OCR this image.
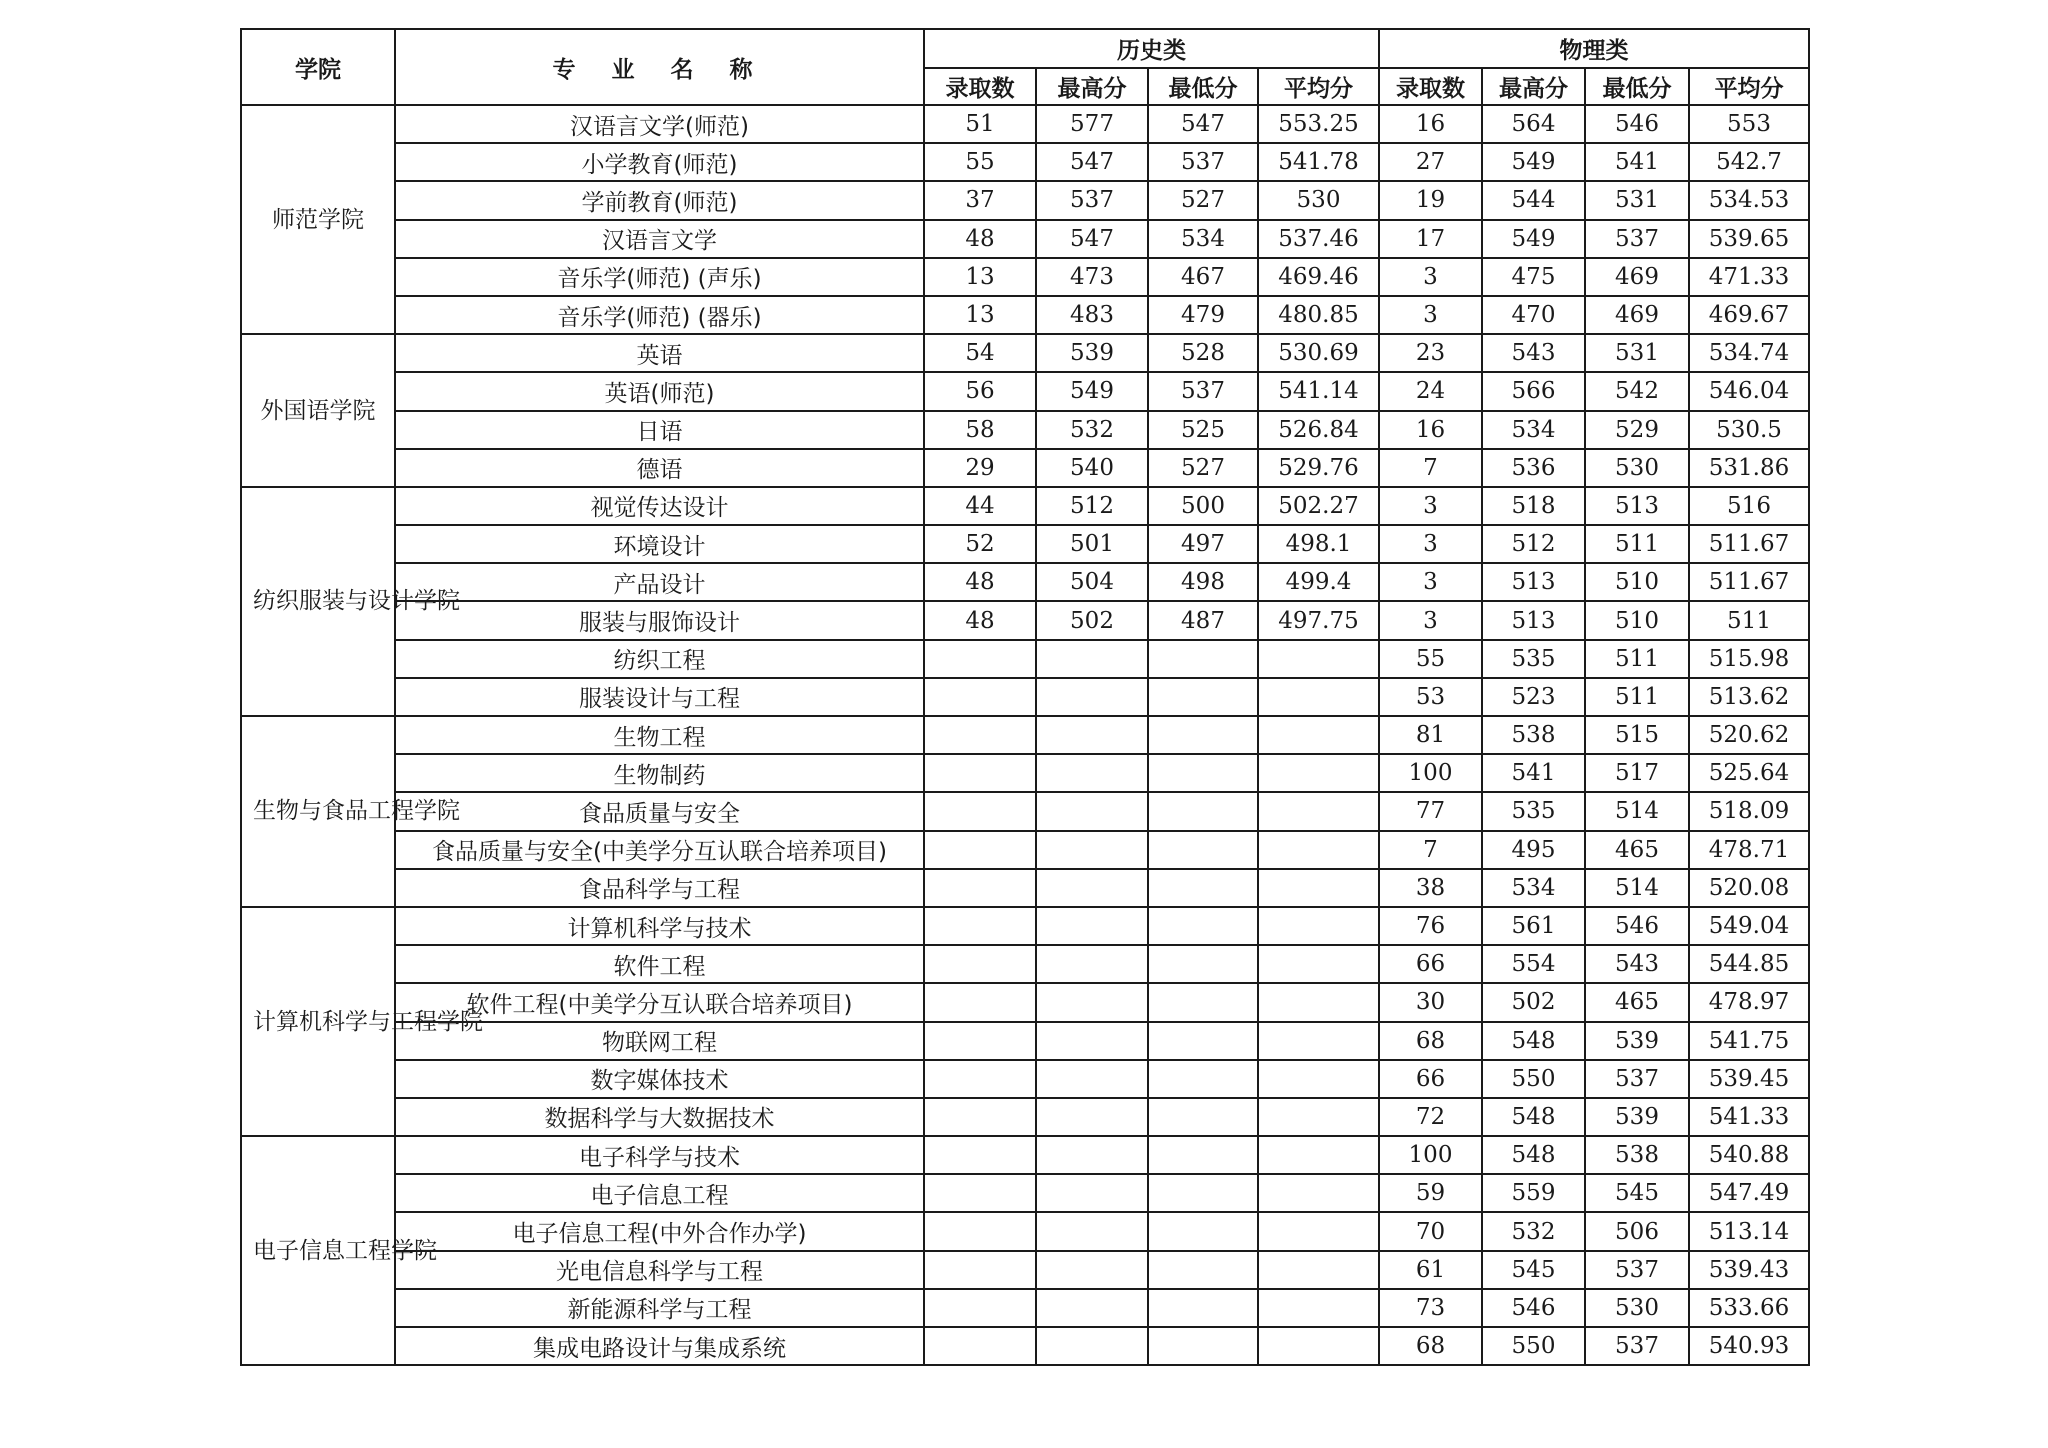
学院	专 业 名 称	历史类				物理类			
		录取数	最高分	最低分	平均分	录取数	最高分	最低分	平均分
师范学院	汉语言文学(师范)	51	577	547	553.25	16	564	546	553
	小学教育(师范)	55	547	537	541.78	27	549	541	542.7
	学前教育(师范)	37	537	527	530	19	544	531	534.53
	汉语言文学	48	547	534	537.46	17	549	537	539.65
	音乐学(师范) (声乐)	13	473	467	469.46	3	475	469	471.33
	音乐学(师范) (器乐)	13	483	479	480.85	3	470	469	469.67
外国语学院	英语	54	539	528	530.69	23	543	531	534.74
	英语(师范)	56	549	537	541.14	24	566	542	546.04
	日语	58	532	525	526.84	16	534	529	530.5
	德语	29	540	527	529.76	7	536	530	531.86
纺织服装与设计学院	视觉传达设计	44	512	500	502.27	3	518	513	516
	环境设计	52	501	497	498.1	3	512	511	511.67
	产品设计	48	504	498	499.4	3	513	510	511.67
	服装与服饰设计	48	502	487	497.75	3	513	510	511
	纺织工程					55	535	511	515.98
	服装设计与工程					53	523	511	513.62
生物与食品工程学院	生物工程					81	538	515	520.62
	生物制药					100	541	517	525.64
	食品质量与安全					77	535	514	518.09
	食品质量与安全(中美学分互认联合培养项目)					7	495	465	478.71
	食品科学与工程					38	534	514	520.08
计算机科学与工程学院	计算机科学与技术					76	561	546	549.04
	软件工程					66	554	543	544.85
	软件工程(中美学分互认联合培养项目)					30	502	465	478.97
	物联网工程					68	548	539	541.75
	数字媒体技术					66	550	537	539.45
	数据科学与大数据技术					72	548	539	541.33
电子信息工程学院	电子科学与技术					100	548	538	540.88
	电子信息工程					59	559	545	547.49
	电子信息工程(中外合作办学)					70	532	506	513.14
	光电信息科学与工程					61	545	537	539.43
	新能源科学与工程					73	546	530	533.66
	集成电路设计与集成系统					68	550	537	540.93
